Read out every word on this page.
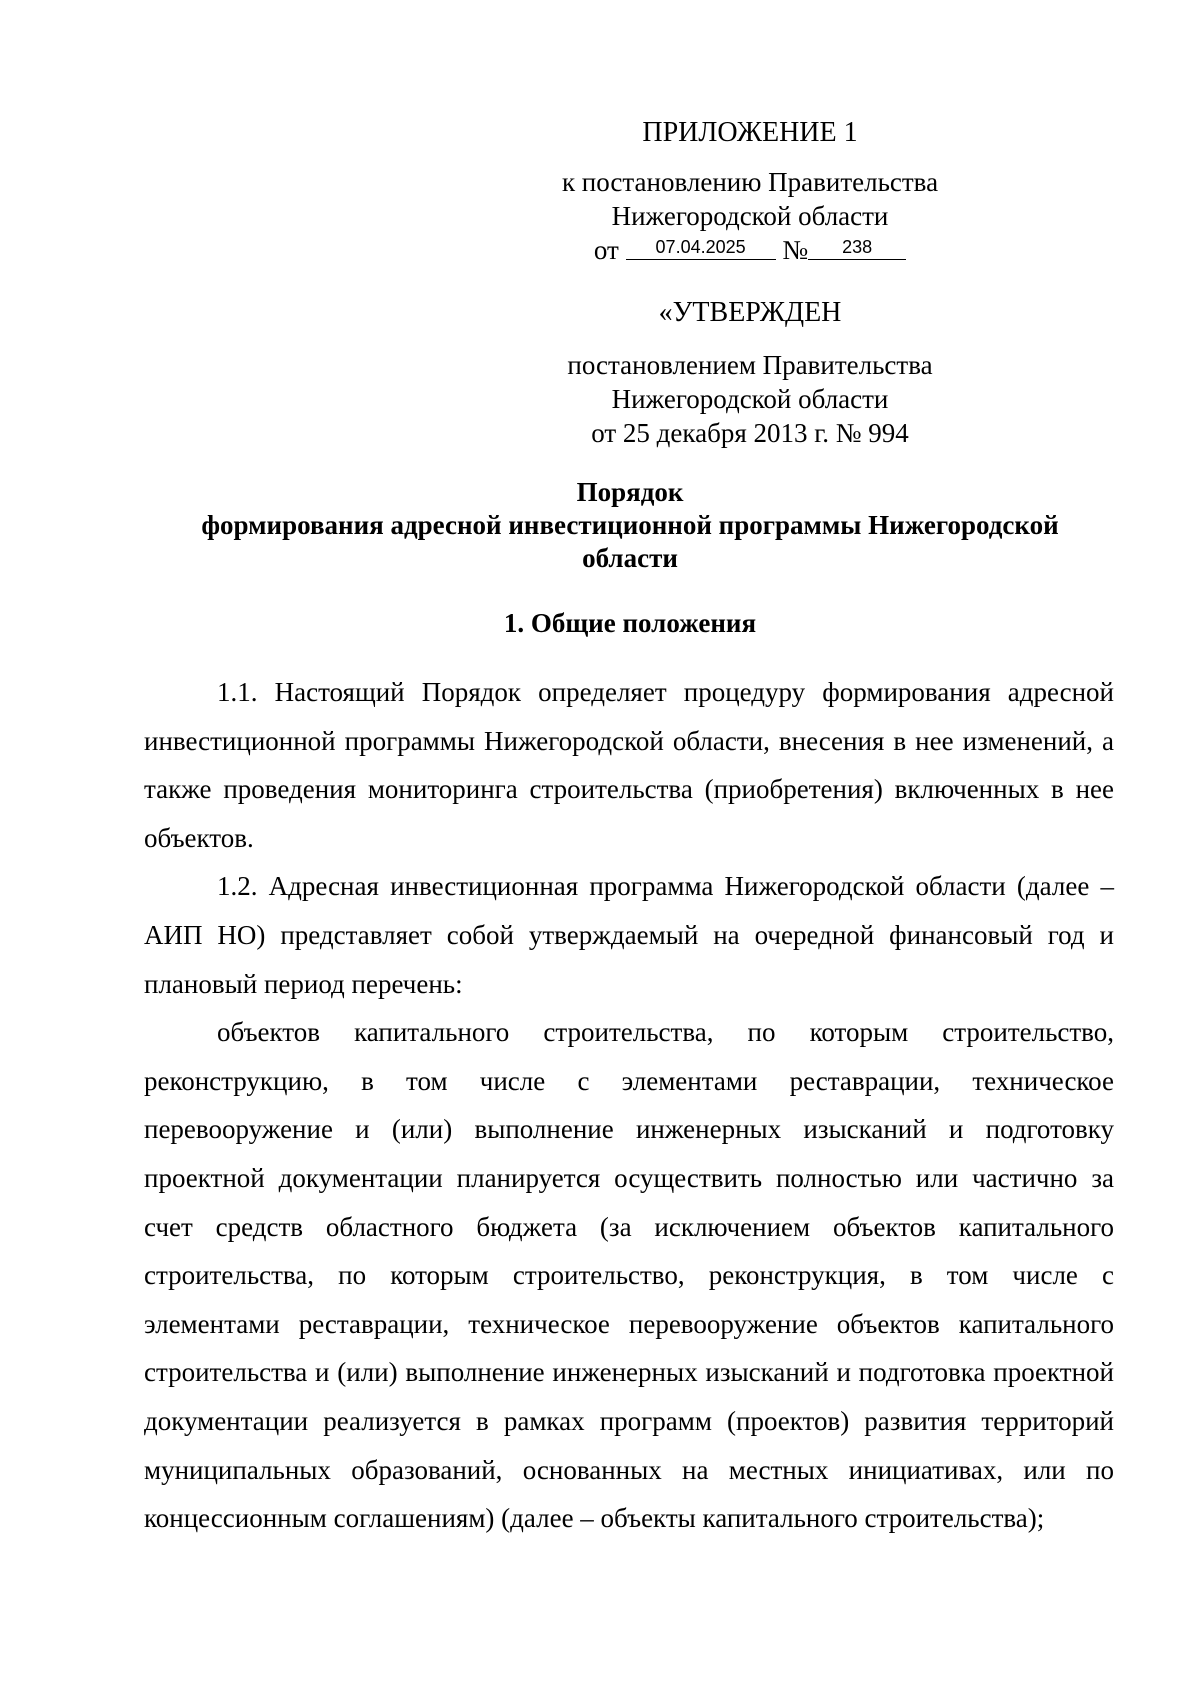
ПРИЛОЖЕНИЕ 1
к постановлению Правительства
Нижегородской области
от 07.04.2025 № 238
«УТВЕРЖДЕН
постановлением Правительства
Нижегородской области
от 25 декабря 2013 г. № 994
Порядок
формирования адресной инвестиционной программы Нижегородской
области
1. Общие положения

1.1. Настоящий Порядок определяет процедуру формирования адресной инвестиционной программы Нижегородской области, внесения в нее изменений, а также проведения мониторинга строительства (приобретения) включенных в нее объектов.

1.2. Адресная инвестиционная программа Нижегородской области (далее – АИП НО) представляет собой утверждаемый на очередной финансовый год и плановый период перечень:

объектов капитального строительства, по которым строительство, реконструкцию, в том числе с элементами реставрации, техническое перевооружение и (или) выполнение инженерных изысканий и подготовку проектной документации планируется осуществить полностью или частично за счет средств областного бюджета (за исключением объектов капитального строительства, по которым строительство, реконструкция, в том числе с элементами реставрации, техническое перевооружение объектов капитального строительства и (или) выполнение инженерных изысканий и подготовка проектной документации реализуется в рамках программ (проектов) развития территорий муниципальных образований, основанных на местных инициативах, или по концессионным соглашениям) (далее – объекты капитального строительства);
